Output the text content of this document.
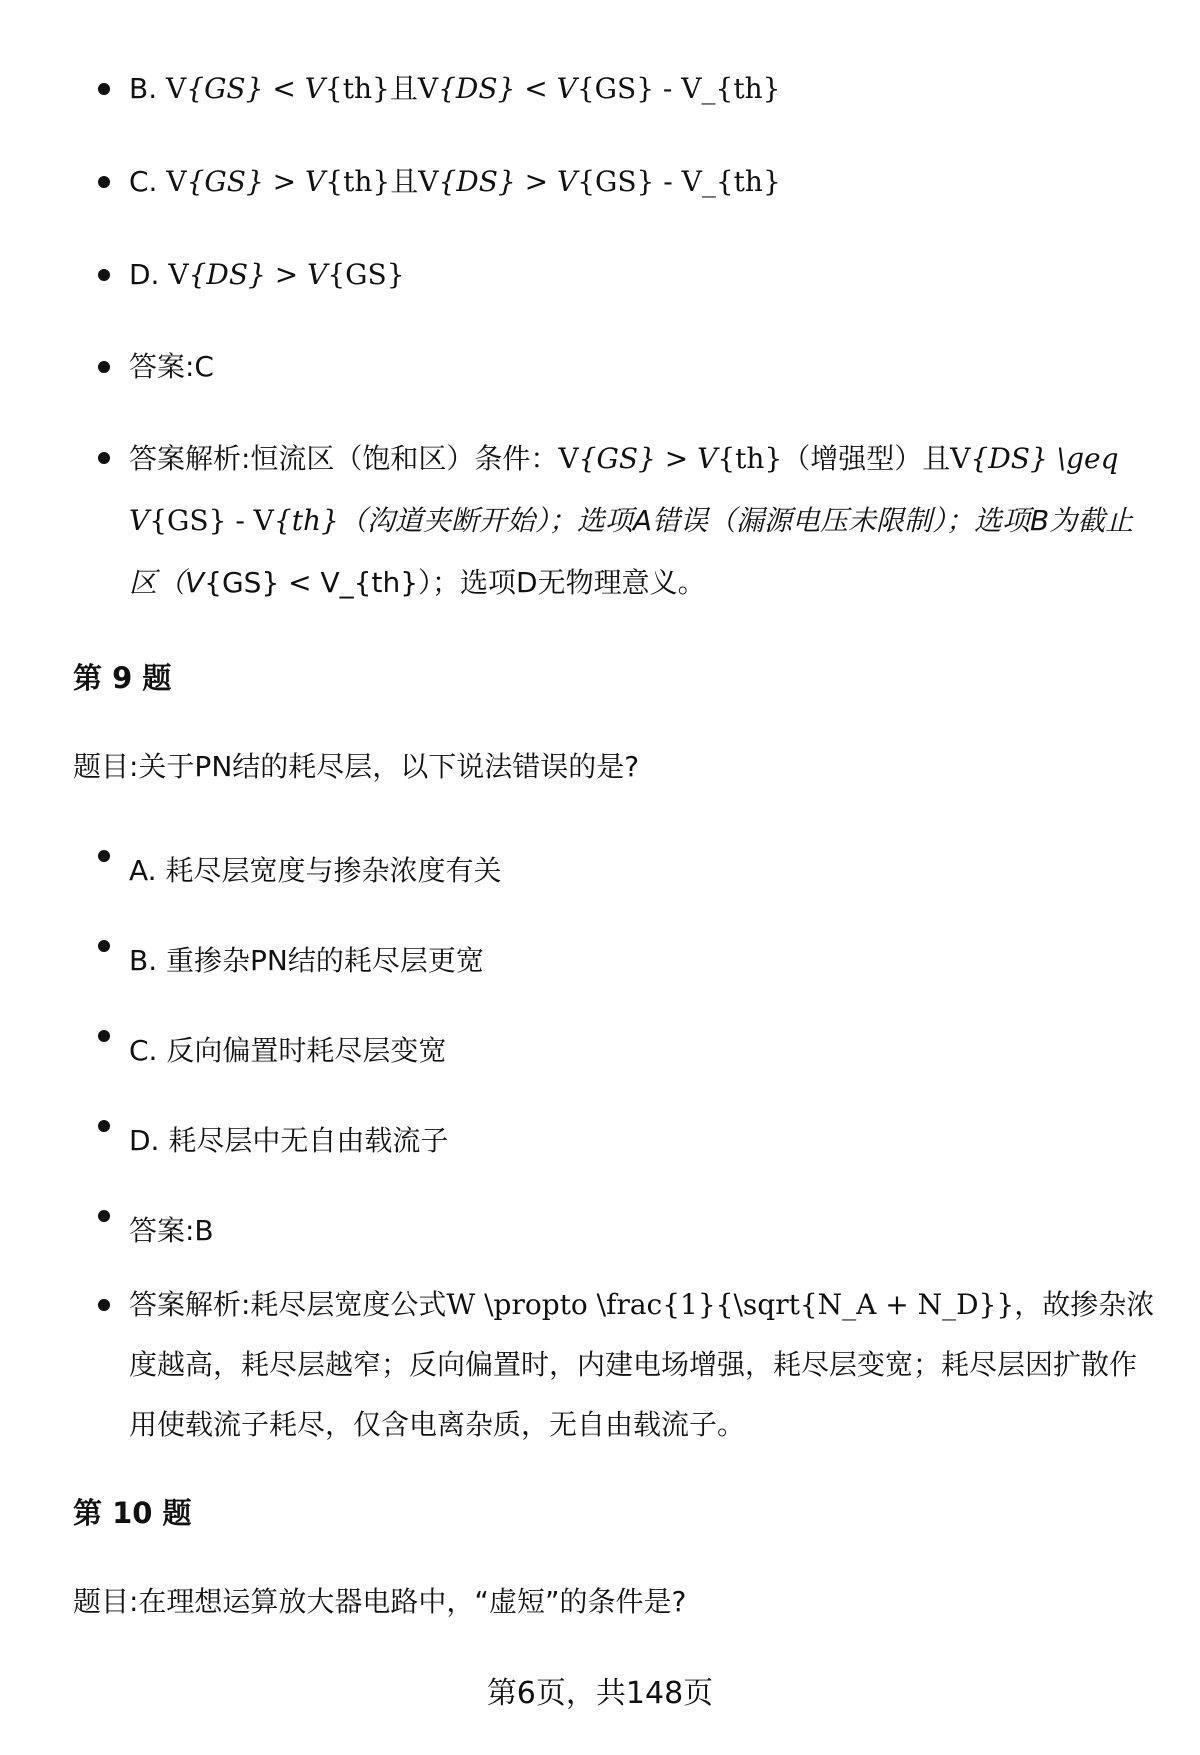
B. V{GS} < V{th}且V{DS} < V{GS} - V_{th}
C. V{GS} > V{th}且V{DS} > V{GS} - V_{th}
D. V{DS} > V{GS}
答案:C
答案解析:恒流区（饱和区）条件：V{GS} > V{th}（增强型）且V{DS} \geq V{GS} - V{th}（沟道夹断开始）；选项A错误（漏源电压未限制）；选项B为截止区（V{GS} < V_{th}）；选项D无物理意义。
第 9 题

题目:关于PN结的耗尽层，以下说法错误的是?

A. 耗尽层宽度与掺杂浓度有关
B. 重掺杂PN结的耗尽层更宽
C. 反向偏置时耗尽层变宽
D. 耗尽层中无自由载流子
答案:B
答案解析:耗尽层宽度公式W \propto \frac{1}{\sqrt{N_A + N_D}}，故掺杂浓度越高，耗尽层越窄；反向偏置时，内建电场增强，耗尽层变宽；耗尽层因扩散作用使载流子耗尽，仅含电离杂质，无自由载流子。
第 10 题

题目:在理想运算放大器电路中，“虚短”的条件是?

第6页，共148页
